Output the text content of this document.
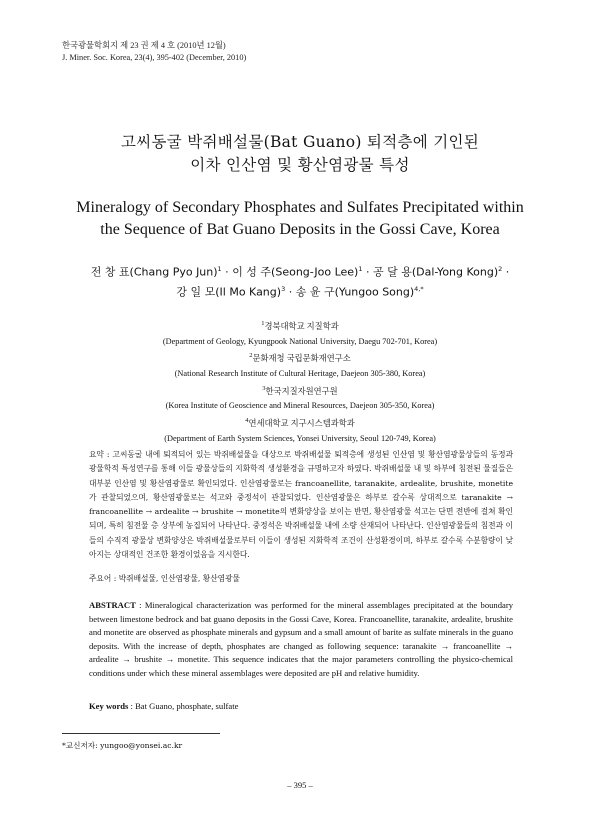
한국광물학회지 제 23 권 제 4 호 (2010년 12월)
J. Miner. Soc. Korea, 23(4), 395-402 (December, 2010)
고씨동굴 박쥐배설물(Bat Guano) 퇴적층에 기인된
이차 인산염 및 황산염광물 특성
Mineralogy of Secondary Phosphates and Sulfates Precipitated within
the Sequence of Bat Guano Deposits in the Gossi Cave, Korea
전 창 표(Chang Pyo Jun)$^1$ · 이 성 주(Seong-Joo Lee)$^1$ · 공 달 용(Dal-Yong Kong)$^2$ ·
강 일 모(Il Mo Kang)$^3$ · 송 윤 구(Yungoo Song)$^{4,*}$
$^1$경북대학교 지질학과
(Department of Geology, Kyungpook National University, Daegu 702-701, Korea)
$^2$문화재청 국립문화재연구소
(National Research Institute of Cultural Heritage, Daejeon 305-380, Korea)
$^3$한국지질자원연구원
(Korea Institute of Geoscience and Mineral Resources, Daejeon 305-350, Korea)
$^4$연세대학교 지구시스템과학과
(Department of Earth System Sciences, Yonsei University, Seoul 120-749, Korea)
요약 : 고씨동굴 내에 퇴적되어 있는 박쥐배설물을 대상으로 박쥐배설물 퇴적층에 생성된 인산염 및 황산염광물상들의 동정과 광물학적 특성연구를 통해 이들 광물상들의 지화학적 생성환경을 규명하고자 하였다. 박쥐배설물 내 및 하부에 침전된 물질들은 대부분 인산염 및 황산염광물로 확인되었다. 인산염광물로는 francoanellite, taranakite, ardealite, brushite, monetite가 관찰되었으며, 황산염광물로는 석고와 중정석이 관찰되었다. 인산염광물은 하부로 갈수록 상대적으로 taranakite → francoanellite → ardealite → brushite → monetite의 변화양상을 보이는 반면, 황산염광물 석고는 단면 전반에 걸쳐 확인되며, 특히 침전물 층 상부에 농집되어 나타난다. 중정석은 박쥐배설물 내에 소량 산재되어 나타난다. 인산염광물들의 침전과 이들의 수직적 광물상 변화양상은 박쥐배설물로부터 이들이 생성된 지화학적 조건이 산성환경이며, 하부로 갈수록 수분함량이 낮아지는 상대적인 건조한 환경이었음을 지시한다.
주요어 : 박쥐배설물, 인산염광물, 황산염광물
ABSTRACT : Mineralogical characterization was performed for the mineral assemblages precipitated at the boundary between limestone bedrock and bat guano deposits in the Gossi Cave, Korea. Francoanellite, taranakite, ardealite, brushite and monetite are observed as phosphate minerals and gypsum and a small amount of barite as sulfate minerals in the guano deposits. With the increase of depth, phosphates are changed as following sequence: taranakite → francoanellite → ardealite → brushite → monetite. This sequence indicates that the major parameters controlling the physico-chemical conditions under which these mineral assemblages were deposited are pH and relative humidity.
Key words : Bat Guano, phosphate, sulfate
*교신저자: yungoo@yonsei.ac.kr
– 395 –
